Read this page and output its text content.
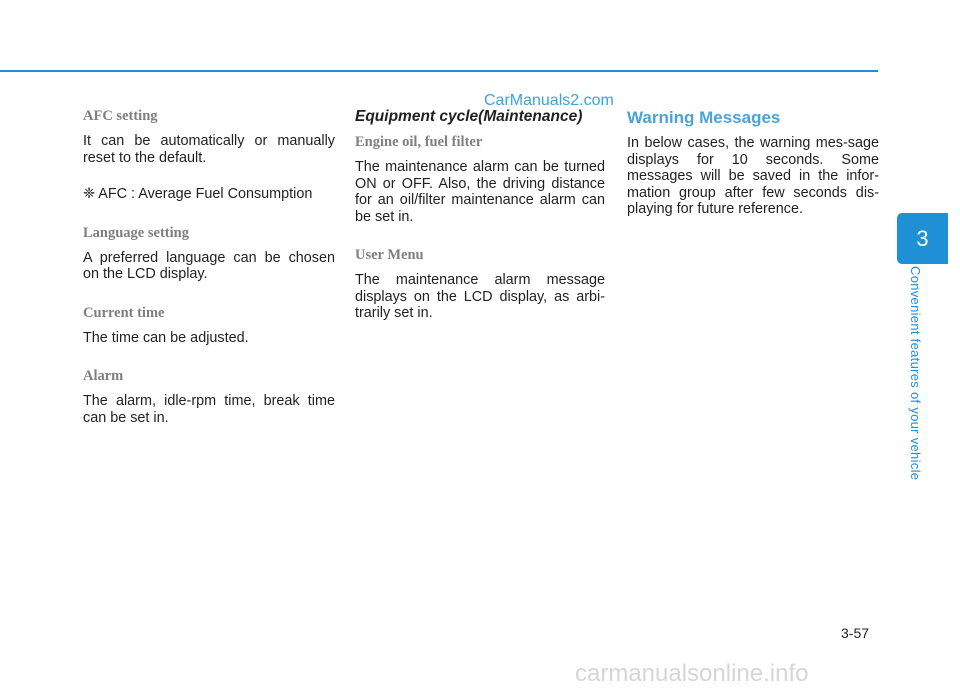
CarManuals2.com
AFC setting

It can be automatically or manually reset to the default.

❈ AFC : Average Fuel Consumption

Language setting

A preferred language can be chosen on the LCD display.

Current time

The time can be adjusted.

Alarm

The alarm, idle-rpm time, break time can be set in.

Equipment cycle(Maintenance)
Engine oil, fuel filter

The maintenance alarm can be turned ON or OFF. Also, the driving distance for an oil/filter maintenance alarm can be set in.

User Menu

The maintenance alarm message displays on the LCD display, as arbi-trarily set in.

Warning Messages

In below cases, the warning mes-sage displays for 10 seconds. Some messages will be saved in the infor-mation group after few seconds dis-playing for future reference.

3
Convenient features of your vehicle
3-57
carmanualsonline.info
